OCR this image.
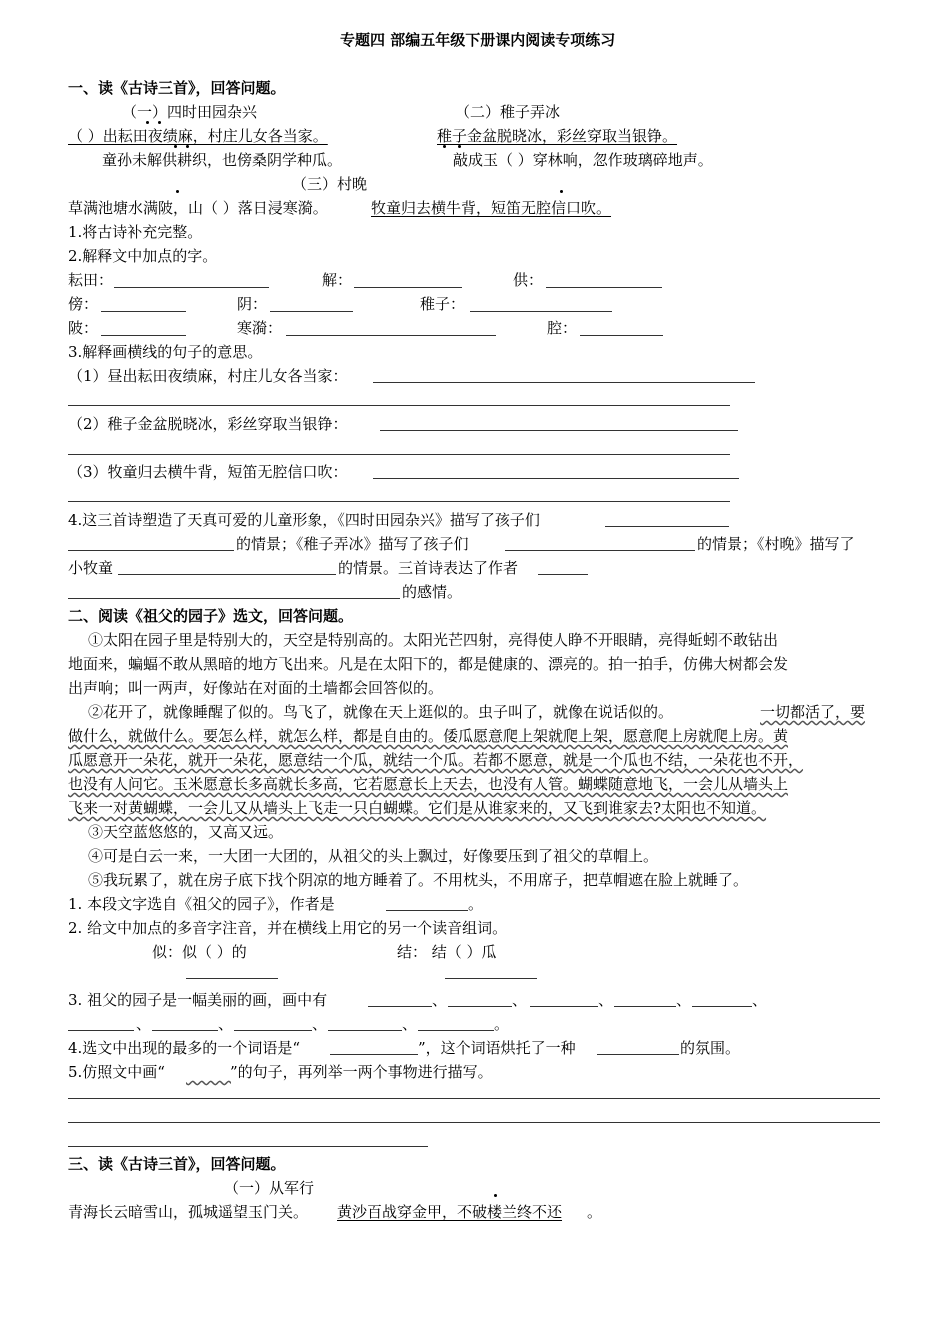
专题四 部编五年级下册课内阅读专项练习
一、读《古诗三首》，回答问题。
（一）四时田园杂兴	（二）稚子弄冰
（ ）出耘田夜绩麻，村庄儿女各当家。	稚子金盆脱晓冰，彩丝穿取当银铮。
童孙未解供耕织，也傍桑阴学种瓜。	敲成玉（ ）穿林响，忽作玻璃碎地声。
（三）村晚
草满池塘水满陂，山（ ）落日浸寒漪。	牧童归去横牛背，短笛无腔信口吹。
1.将古诗补充完整。
2.解释文中加点的字。
耘田：	解：	供：
傍：	阴：	稚子：
陂：	寒漪：	腔：
3.解释画横线的句子的意思。
（1）昼出耘田夜绩麻，村庄儿女各当家：
（2）稚子金盆脱晓冰，彩丝穿取当银铮：
（3）牧童归去横牛背，短笛无腔信口吹：
4.这三首诗塑造了天真可爱的儿童形象，《四时田园杂兴》描写了孩子们
的情景；《稚子弄冰》描写了孩子们	的情景；《村晚》描写了
小牧童	的情景。三首诗表达了作者
的感情。
二、阅读《祖父的园子》选文，回答问题。
①太阳在园子里是特别大的，天空是特别高的。太阳光芒四射，亮得使人睁不开眼睛，亮得蚯蚓不敢钻出
地面来，蝙蝠不敢从黑暗的地方飞出来。凡是在太阳下的，都是健康的、漂亮的。拍一拍手，仿佛大树都会发
出声响；叫一两声，好像站在对面的土墙都会回答似的。
②花开了，就像睡醒了似的。鸟飞了，就像在天上逛似的。虫子叫了，就像在说话似的。	一切都活了，要
做什么，就做什么。要怎么样，就怎么样，都是自由的。倭瓜愿意爬上架就爬上架，愿意爬上房就爬上房。黄
瓜愿意开一朵花，就开一朵花，愿意结一个瓜，就结一个瓜。若都不愿意，就是一个瓜也不结，一朵花也不开，
也没有人问它。玉米愿意长多高就长多高，它若愿意长上天去，也没有人管。蝴蝶随意地飞，一会儿从墙头上
飞来一对黄蝴蝶，一会儿又从墙头上飞走一只白蝴蝶。它们是从谁家来的，又飞到谁家去?太阳也不知道。
③天空蓝悠悠的，又高又远。
④可是白云一来，一大团一大团的，从祖父的头上飘过，好像要压到了祖父的草帽上。
⑤我玩累了，就在房子底下找个阴凉的地方睡着了。不用枕头，不用席子，把草帽遮在脸上就睡了。
1. 本段文字选自《祖父的园子》，作者是	。
2. 给文中加点的多音字注音，并在横线上用它的另一个读音组词。
似：似（ ）的	结： 结（ ）瓜
3. 祖父的园子是一幅美丽的画，画中有	、	、	、	、	、
、	、	、	、	。
4.选文中出现的最多的一个词语是“	”，这个词语烘托了一种	的氛围。
5.仿照文中画“
   	”的句子，再列举一两个事物进行描写。
三、读《古诗三首》，回答问题。
（一）从军行
青海长云暗雪山，孤城遥望玉门关。 黄沙百战穿金甲，不破楼兰终不还 。
